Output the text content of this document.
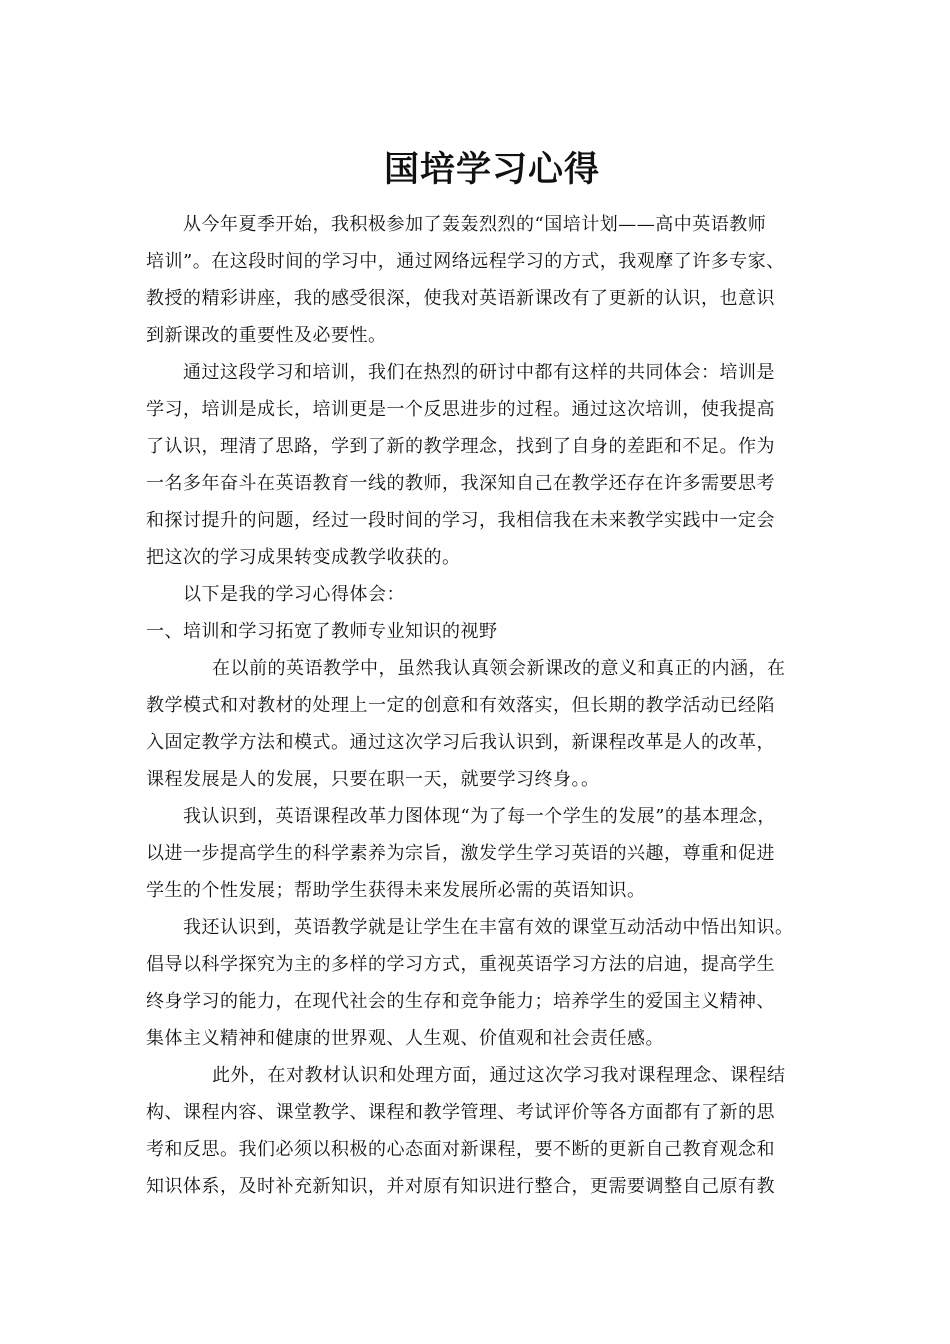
国培学习心得
从今年夏季开始，我积极参加了轰轰烈烈的“国培计划——高中英语教师
培训”。在这段时间的学习中，通过网络远程学习的方式，我观摩了许多专家、
教授的精彩讲座，我的感受很深，使我对英语新课改有了更新的认识，也意识
到新课改的重要性及必要性。
通过这段学习和培训，我们在热烈的研讨中都有这样的共同体会：培训是
学习，培训是成长，培训更是一个反思进步的过程。通过这次培训，使我提高
了认识，理清了思路，学到了新的教学理念，找到了自身的差距和不足。作为
一名多年奋斗在英语教育一线的教师，我深知自己在教学还存在许多需要思考
和探讨提升的问题，经过一段时间的学习，我相信我在未来教学实践中一定会
把这次的学习成果转变成教学收获的。
以下是我的学习心得体会：
一、培训和学习拓宽了教师专业知识的视野
在以前的英语教学中，虽然我认真领会新课改的意义和真正的内涵，在
教学模式和对教材的处理上一定的创意和有效落实，但长期的教学活动已经陷
入固定教学方法和模式。通过这次学习后我认识到，新课程改革是人的改革，
课程发展是人的发展，只要在职一天，就要学习终身。。
我认识到，英语课程改革力图体现“为了每一个学生的发展”的基本理念，
以进一步提高学生的科学素养为宗旨，激发学生学习英语的兴趣，尊重和促进
学生的个性发展；帮助学生获得未来发展所必需的英语知识。
我还认识到，英语教学就是让学生在丰富有效的课堂互动活动中悟出知识。
倡导以科学探究为主的多样的学习方式，重视英语学习方法的启迪，提高学生
终身学习的能力，在现代社会的生存和竞争能力；培养学生的爱国主义精神、
集体主义精神和健康的世界观、人生观、价值观和社会责任感。
此外，在对教材认识和处理方面，通过这次学习我对课程理念、课程结
构、课程内容、课堂教学、课程和教学管理、考试评价等各方面都有了新的思
考和反思。我们必须以积极的心态面对新课程，要不断的更新自己教育观念和
知识体系，及时补充新知识，并对原有知识进行整合，更需要调整自己原有教
